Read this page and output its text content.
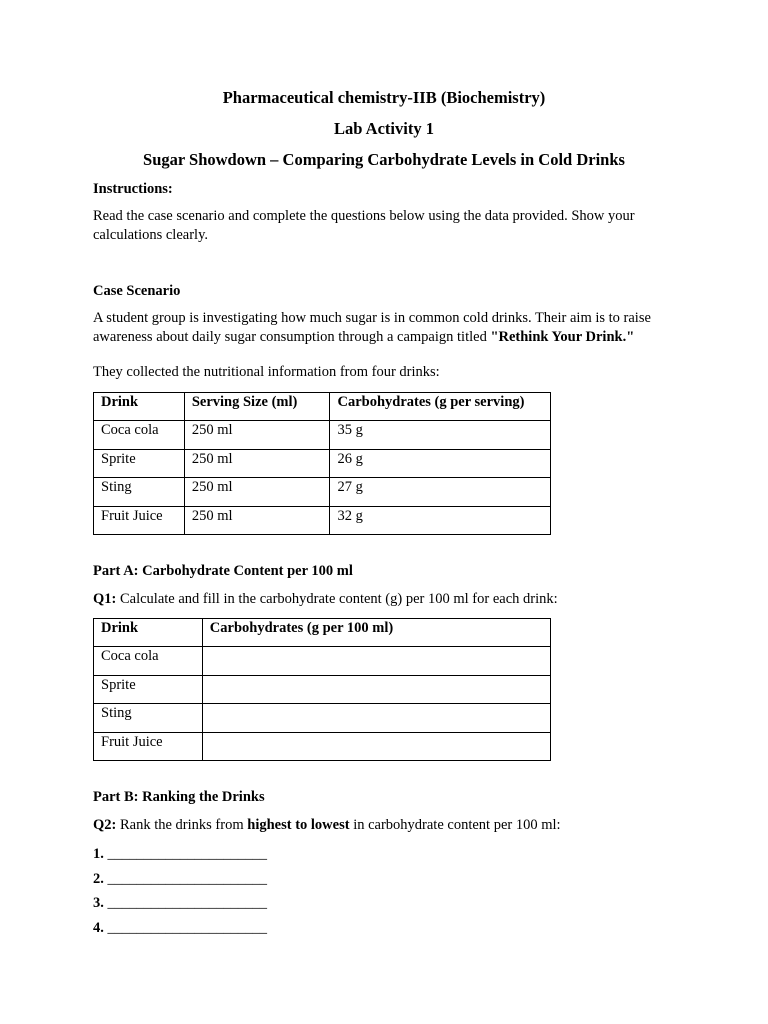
Pharmaceutical chemistry-IIB (Biochemistry)
Lab Activity 1
Sugar Showdown – Comparing Carbohydrate Levels in Cold Drinks
Instructions:
Read the case scenario and complete the questions below using the data provided. Show your calculations clearly.
Case Scenario
A student group is investigating how much sugar is in common cold drinks. Their aim is to raise awareness about daily sugar consumption through a campaign titled "Rethink Your Drink."
They collected the nutritional information from four drinks:
Drink	Serving Size (ml)	Carbohydrates (g per serving)
Coca cola	250 ml	35 g
Sprite	250 ml	26 g
Sting	250 ml	27 g
Fruit Juice	250 ml	32 g
Part A: Carbohydrate Content per 100 ml
Q1: Calculate and fill in the carbohydrate content (g) per 100 ml for each drink:
Drink	Carbohydrates (g per 100 ml)
Coca cola	
Sprite	
Sting	
Fruit Juice	
Part B: Ranking the Drinks
Q2: Rank the drinks from highest to lowest in carbohydrate content per 100 ml:
1. ______________________
2. ______________________
3. ______________________
4. ______________________
